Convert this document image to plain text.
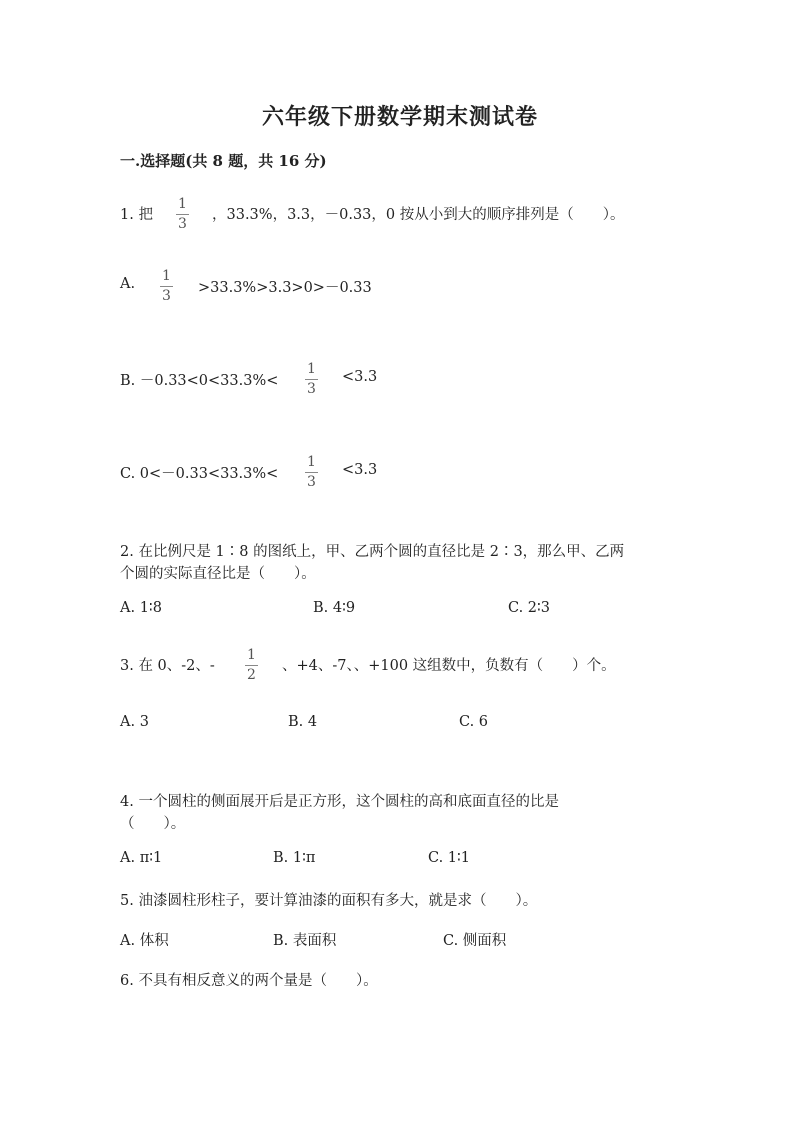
六年级下册数学期末测试卷
一.选择题(共 8 题，共 16 分)
1. 把
1
3
，33.3%，3.3，－0.33，0 按从小到大的顺序排列是（　　）。
A. 1
3 >33.3%>3.3>0>－0.33
B. －0.33<0<33.3%<
1
3
<3.3
C. 0<－0.33<33.3%<
1
3
<3.3
2. 在比例尺是 1∶8 的图纸上，甲、乙两个圆的直径比是 2∶3，那么甲、乙两
个圆的实际直径比是（　　）。
A. 1∶8	B. 4∶9	C. 2∶3
3. 在 0、-2、-
1
2
、+4、-7、、+100 这组数中，负数有（　　）个。
A. 3	B. 4	C. 6
4. 一个圆柱的侧面展开后是正方形，这个圆柱的高和底面直径的比是
（　　）。
A. π∶1	B. 1∶π	C. 1∶1
5. 油漆圆柱形柱子，要计算油漆的面积有多大，就是求（　　）。
A. 体积	B. 表面积	C. 侧面积
6. 不具有相反意义的两个量是（　　）。
